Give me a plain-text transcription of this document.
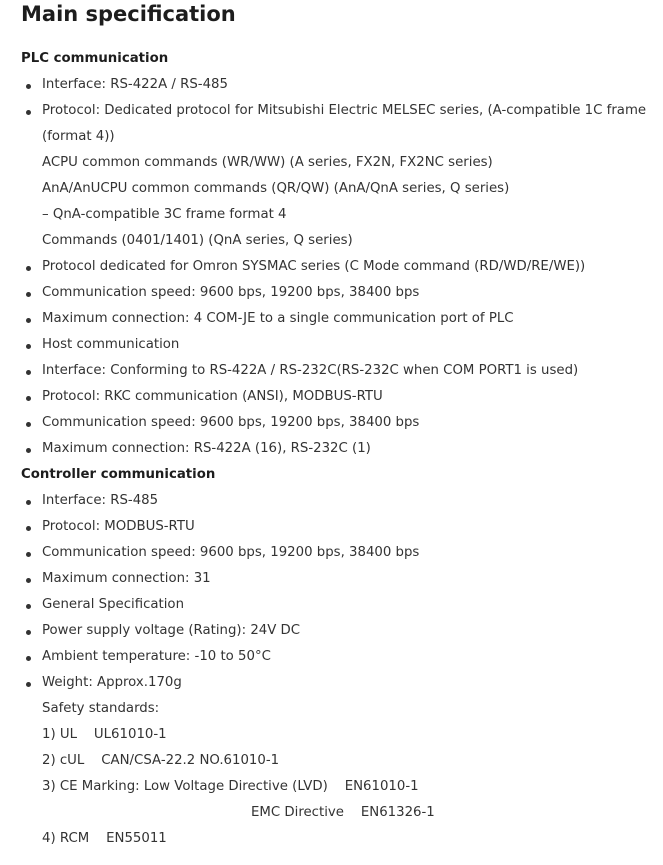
Main specification
PLC communication
Interface: RS-422A / RS-485
Protocol: Dedicated protocol for Mitsubishi Electric MELSEC series, (A-compatible 1C frame
(format 4))
ACPU common commands (WR/WW) (A series, FX2N, FX2NC series)
AnA/AnUCPU common commands (QR/QW) (AnA/QnA series, Q series)
– QnA-compatible 3C frame format 4
Commands (0401/1401) (QnA series, Q series)
Protocol dedicated for Omron SYSMAC series (C Mode command (RD/WD/RE/WE))
Communication speed: 9600 bps, 19200 bps, 38400 bps
Maximum connection: 4 COM-JE to a single communication port of PLC
Host communication
Interface: Conforming to RS-422A / RS-232C(RS-232C when COM PORT1 is used)
Protocol: RKC communication (ANSI), MODBUS-RTU
Communication speed: 9600 bps, 19200 bps, 38400 bps
Maximum connection: RS-422A (16), RS-232C (1)
Controller communication
Interface: RS-485
Protocol: MODBUS-RTU
Communication speed: 9600 bps, 19200 bps, 38400 bps
Maximum connection: 31
General Specification
Power supply voltage (Rating): 24V DC
Ambient temperature: -10 to 50°C
Weight: Approx.170g
Safety standards:
1) UL    UL61010-1
2) cUL    CAN/CSA-22.2 NO.61010-1
3) CE Marking: Low Voltage Directive (LVD)    EN61010-1
EMC Directive    EN61326-1
4) RCM    EN55011
